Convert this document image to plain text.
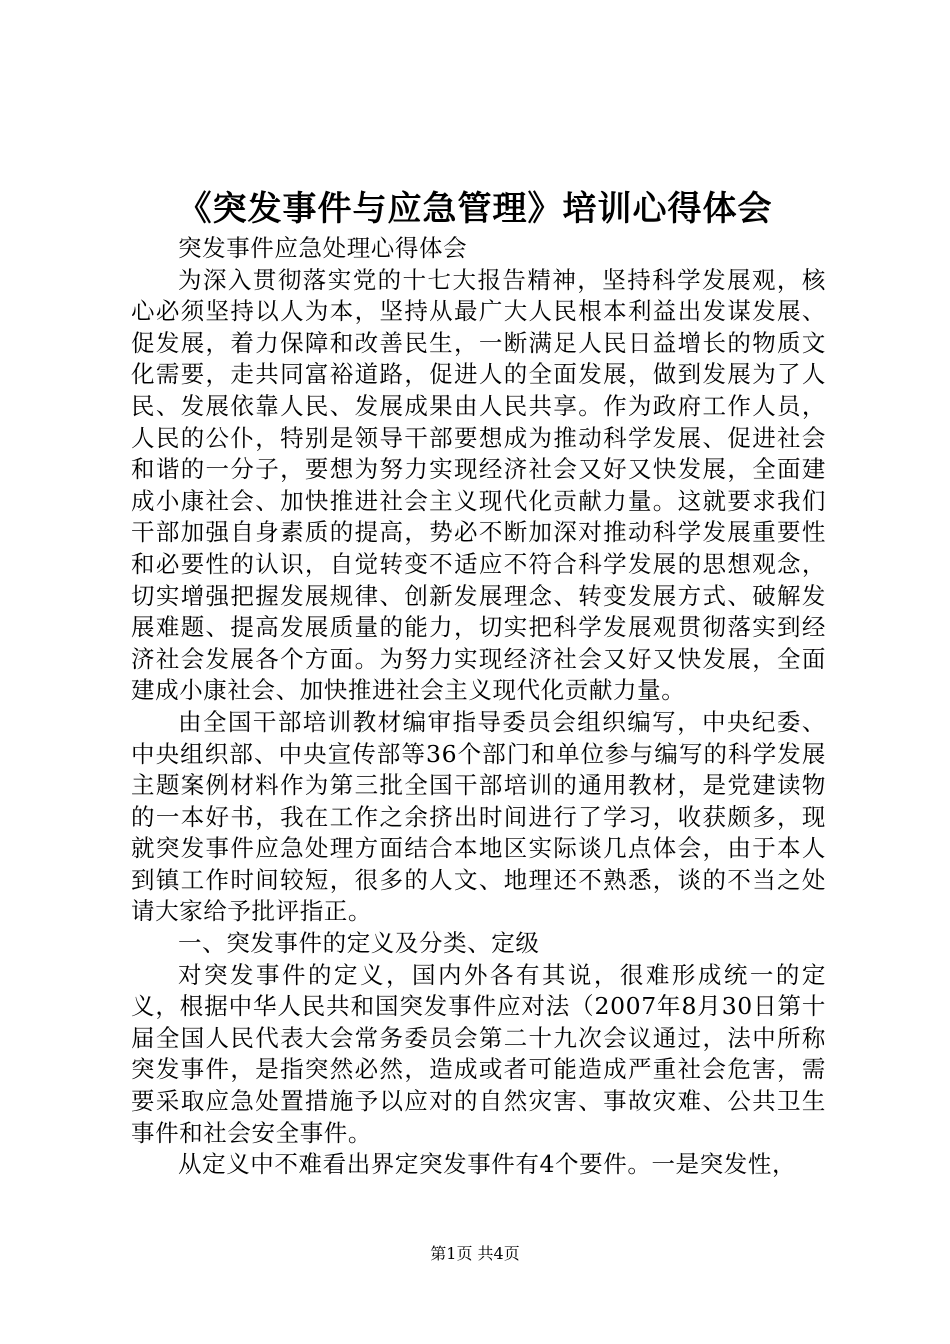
《突发事件与应急管理》培训心得体会

突发事件应急处理心得体会

为深入贯彻落实党的十七大报告精神，坚持科学发展观，核心必须坚持以人为本，坚持从最广大人民根本利益出发谋发展、促发展，着力保障和改善民生，一断满足人民日益增长的物质文化需要，走共同富裕道路，促进人的全面发展，做到发展为了人民、发展依靠人民、发展成果由人民共享。作为政府工作人员，人民的公仆，特别是领导干部要想成为推动科学发展、促进社会和谐的一分子，要想为努力实现经济社会又好又快发展，全面建成小康社会、加快推进社会主义现代化贡献力量。这就要求我们干部加强自身素质的提高，势必不断加深对推动科学发展重要性和必要性的认识，自觉转变不适应不符合科学发展的思想观念，切实增强把握发展规律、创新发展理念、转变发展方式、破解发展难题、提高发展质量的能力，切实把科学发展观贯彻落实到经济社会发展各个方面。为努力实现经济社会又好又快发展，全面建成小康社会、加快推进社会主义现代化贡献力量。

由全国干部培训教材编审指导委员会组织编写，中央纪委、中央组织部、中央宣传部等36个部门和单位参与编写的科学发展主题案例材料作为第三批全国干部培训的通用教材，是党建读物的一本好书，我在工作之余挤出时间进行了学习，收获颇多，现就突发事件应急处理方面结合本地区实际谈几点体会，由于本人到镇工作时间较短，很多的人文、地理还不熟悉，谈的不当之处请大家给予批评指正。

一、突发事件的定义及分类、定级

对突发事件的定义，国内外各有其说，很难形成统一的定义，根据中华人民共和国突发事件应对法（2007年8月30日第十届全国人民代表大会常务委员会第二十九次会议通过，法中所称突发事件，是指突然必然，造成或者可能造成严重社会危害，需要采取应急处置措施予以应对的自然灾害、事故灾难、公共卫生事件和社会安全事件。

从定义中不难看出界定突发事件有4个要件。一是突发性，

第1页 共4页
